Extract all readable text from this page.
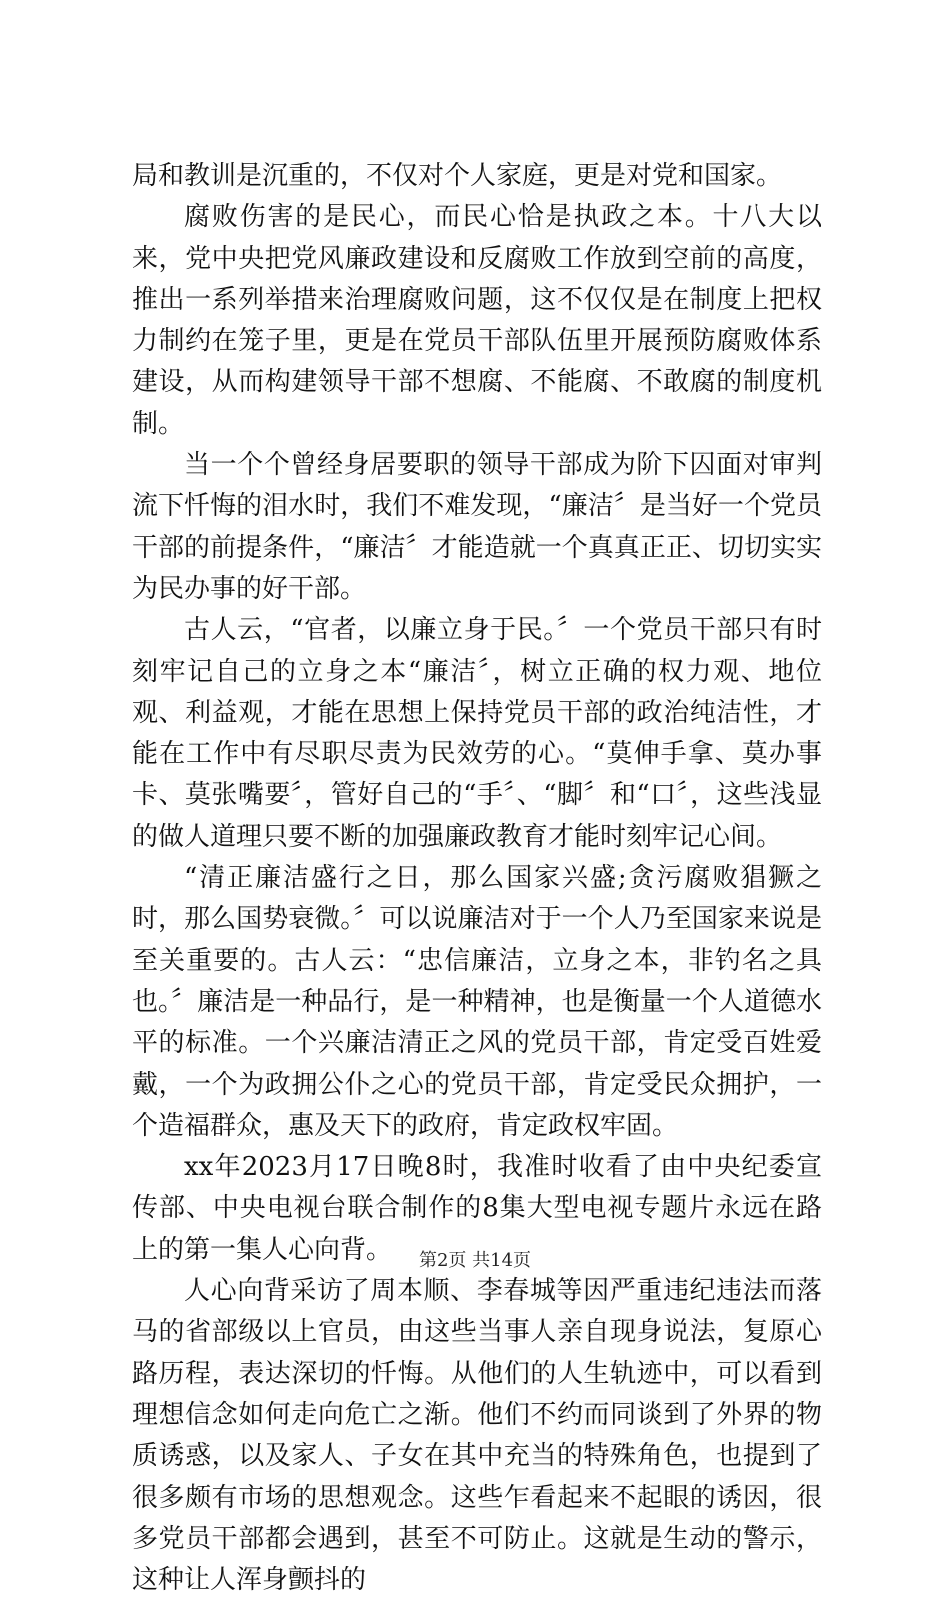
局和教训是沉重的，不仅对个人家庭，更是对党和国家。

腐败伤害的是民心，而民心恰是执政之本。十八大以来，党中央把党风廉政建设和反腐败工作放到空前的高度，推出一系列举措来治理腐败问题，这不仅仅是在制度上把权力制约在笼子里，更是在党员干部队伍里开展预防腐败体系建设，从而构建领导干部不想腐、不能腐、不敢腐的制度机制。

当一个个曾经身居要职的领导干部成为阶下囚面对审判流下忏悔的泪水时，我们不难发现，“廉洁〞是当好一个党员干部的前提条件，“廉洁〞才能造就一个真真正正、切切实实为民办事的好干部。

古人云，“官者，以廉立身于民。〞一个党员干部只有时刻牢记自己的立身之本“廉洁〞，树立正确的权力观、地位观、利益观，才能在思想上保持党员干部的政治纯洁性，才能在工作中有尽职尽责为民效劳的心。“莫伸手拿、莫办事卡、莫张嘴要〞，管好自己的“手〞、“脚〞和“口〞，这些浅显的做人道理只要不断的加强廉政教育才能时刻牢记心间。

“清正廉洁盛行之日，那么国家兴盛;贪污腐败猖獗之时，那么国势衰微。〞可以说廉洁对于一个人乃至国家来说是至关重要的。古人云：“忠信廉洁，立身之本，非钓名之具也。〞廉洁是一种品行，是一种精神，也是衡量一个人道德水平的标准。一个兴廉洁清正之风的党员干部，肯定受百姓爱戴，一个为政拥公仆之心的党员干部，肯定受民众拥护，一个造福群众，惠及天下的政府，肯定政权牢固。

xx年2023月17日晚8时，我准时收看了由中央纪委宣传部、中央电视台联合制作的8集大型电视专题片永远在路上的第一集人心向背。

人心向背采访了周本顺、李春城等因严重违纪违法而落马的省部级以上官员，由这些当事人亲自现身说法，复原心路历程，表达深切的忏悔。从他们的人生轨迹中，可以看到理想信念如何走向危亡之渐。他们不约而同谈到了外界的物质诱惑，以及家人、子女在其中充当的特殊角色，也提到了很多颇有市场的思想观念。这些乍看起来不起眼的诱因，很多党员干部都会遇到，甚至不可防止。这就是生动的警示，这种让人浑身颤抖的

第2页 共14页
